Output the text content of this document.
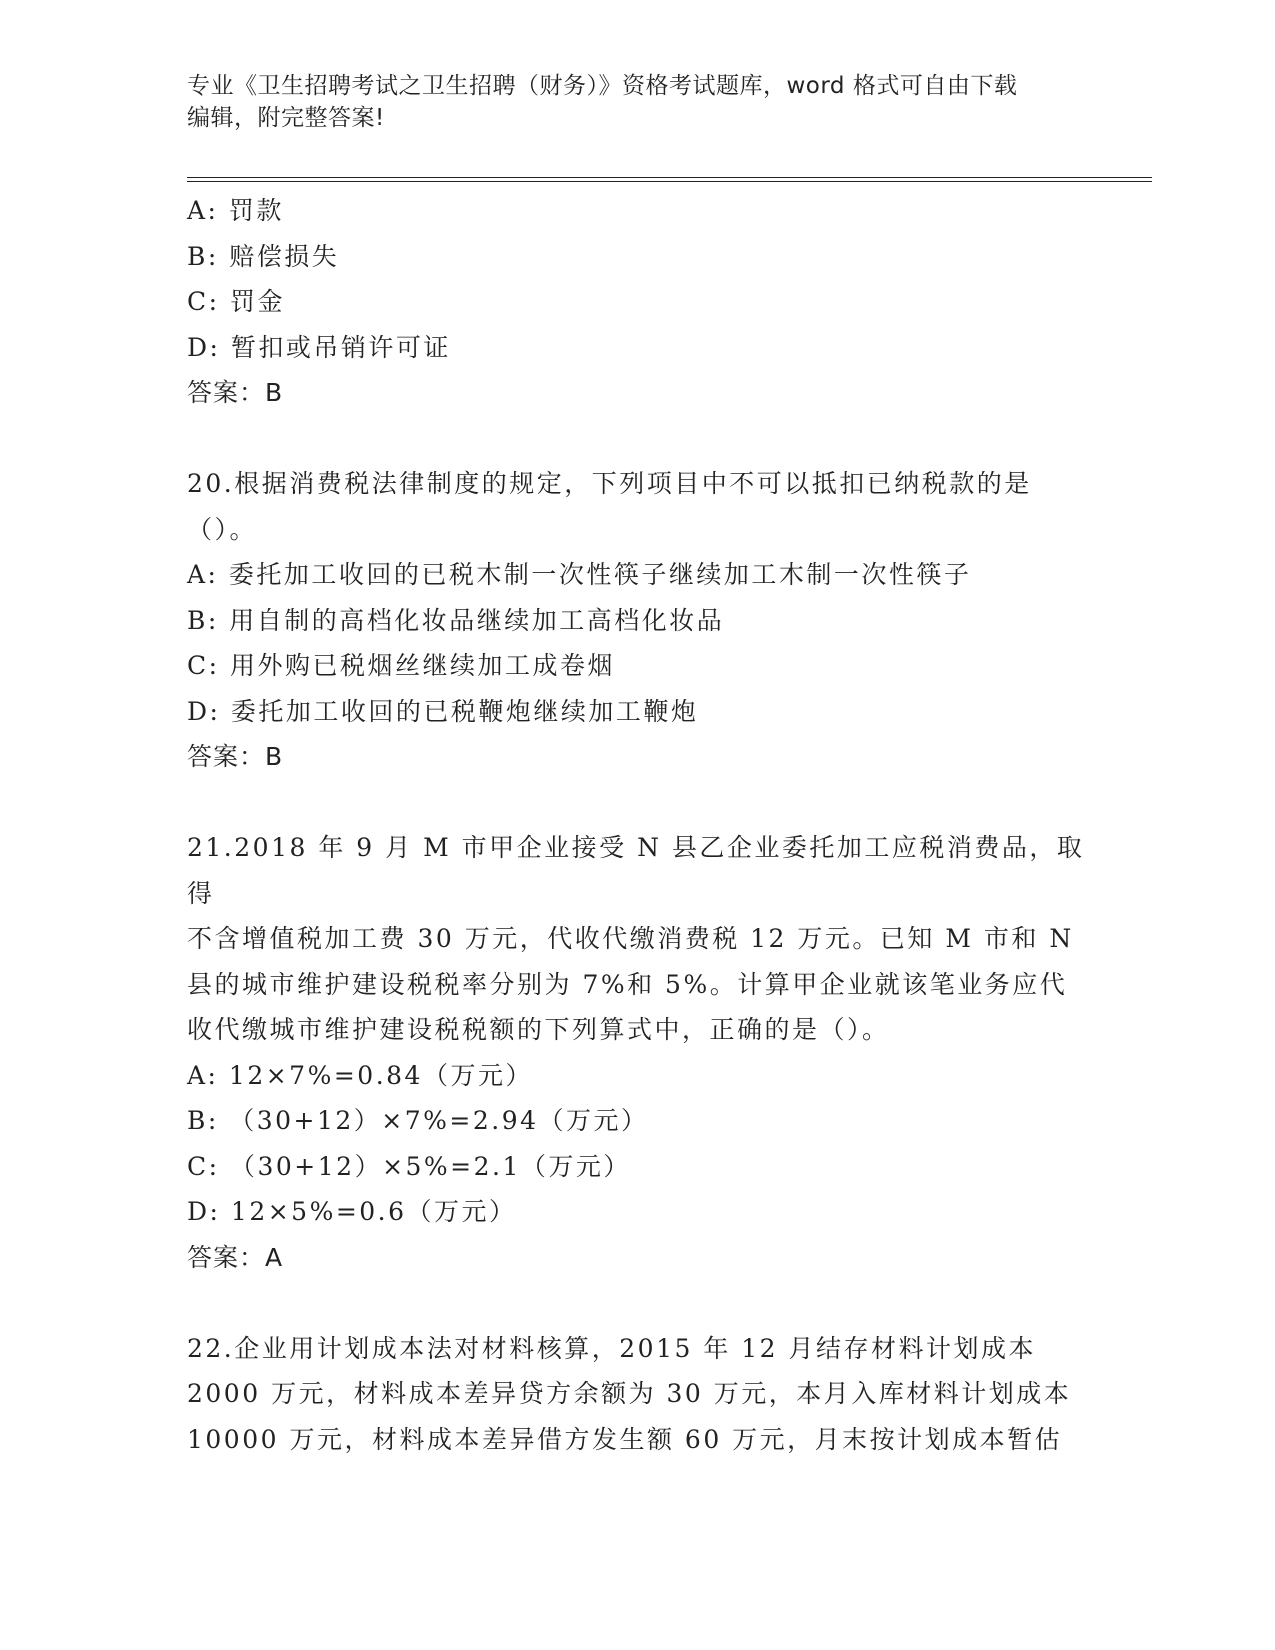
专业《卫生招聘考试之卫生招聘（财务）》资格考试题库，word 格式可自由下载
编辑，附完整答案!

A: 罚款

B: 赔偿损失

C: 罚金

D: 暂扣或吊销许可证

答案：B

20.根据消费税法律制度的规定，下列项目中不可以抵扣已纳税款的是

（）。

A: 委托加工收回的已税木制一次性筷子继续加工木制一次性筷子

B: 用自制的高档化妆品继续加工高档化妆品

C: 用外购已税烟丝继续加工成卷烟

D: 委托加工收回的已税鞭炮继续加工鞭炮

答案：B

21.2018 年 9 月 M 市甲企业接受 N 县乙企业委托加工应税消费品，取得

不含增值税加工费 30 万元，代收代缴消费税 12 万元。已知 M 市和 N

县的城市维护建设税税率分别为 7%和 5%。计算甲企业就该笔业务应代

收代缴城市维护建设税税额的下列算式中，正确的是（）。

A: 12×7%=0.84（万元）

B: （30+12）×7%=2.94（万元）

C: （30+12）×5%=2.1（万元）

D: 12×5%=0.6（万元）

答案：A

22.企业用计划成本法对材料核算，2015 年 12 月结存材料计划成本

2000 万元，材料成本差异贷方余额为 30 万元，本月入库材料计划成本

10000 万元，材料成本差异借方发生额 60 万元，月末按计划成本暂估
